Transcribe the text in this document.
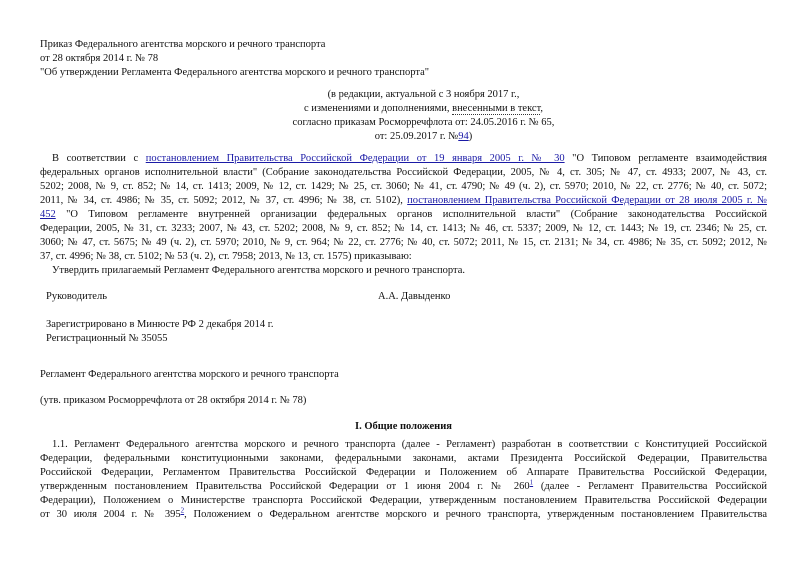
Приказ Федерального агентства морского и речного транспорта
от 28 октября 2014 г. № 78
"Об утверждении Регламента Федерального агентства морского и речного транспорта"
(в редакции, актуальной с 3 ноября 2017 г.,
с изменениями и дополнениями, внесенными в текст,
согласно приказам Росморречфлота от: 24.05.2016 г. № 65,
от: 25.09.2017 г. №94)
В соответствии с постановлением Правительства Российской Федерации от 19 января 2005 г. № 30 "О Типовом регламенте взаимодействия
федеральных органов исполнительной власти" (Собрание законодательства Российской Федерации, 2005, № 4, ст. 305; № 47, ст. 4933; 2007, № 43, ст.
5202; 2008, № 9, ст. 852; № 14, ст. 1413; 2009, № 12, ст. 1429; № 25, ст. 3060; № 41, ст. 4790; № 49 (ч. 2), ст. 5970; 2010, № 22, ст. 2776; № 40, ст. 5072;
2011, № 34, ст. 4986; № 35, ст. 5092; 2012, № 37, ст. 4996; № 38, ст. 5102), постановлением Правительства Российской Федерации от 28 июля 2005 г. №
452 "О Типовом регламенте внутренней организации федеральных органов исполнительной власти" (Собрание законодательства Российской
Федерации, 2005, № 31, ст. 3233; 2007, № 43, ст. 5202; 2008, № 9, ст. 852; № 14, ст. 1413; № 46, ст. 5337; 2009, № 12, ст. 1443; № 19, ст. 2346; № 25, ст.
3060; № 47, ст. 5675; № 49 (ч. 2), ст. 5970; 2010, № 9, ст. 964; № 22, ст. 2776; № 40, ст. 5072; 2011, № 15, ст. 2131; № 34, ст. 4986; № 35, ст. 5092; 2012, №
37, ст. 4996; № 38, ст. 5102; № 53 (ч. 2), ст. 7958; 2013, № 13, ст. 1575) приказываю:
Утвердить прилагаемый Регламент Федерального агентства морского и речного транспорта.
Руководитель	А.А. Давыденко
Зарегистрировано в Минюсте РФ 2 декабря 2014 г.
Регистрационный № 35055
Регламент Федерального агентства морского и речного транспорта
(утв. приказом Росморречфлота от 28 октября 2014 г. № 78)
I. Общие положения
1.1. Регламент Федерального агентства морского и речного транспорта (далее - Регламент) разработан в соответствии с Конституцией Российской
Федерации, федеральными конституционными законами, федеральными законами, актами Президента Российской Федерации, Правительства
Российской Федерации, Регламентом Правительства Российской Федерации и Положением об Аппарате Правительства Российской Федерации,
утвержденным постановлением Правительства Российской Федерации от 1 июня 2004 г. № $260^1$ (далее - Регламент Правительства Российской
Федерации), Положением о Министерстве транспорта Российской Федерации, утвержденным постановлением Правительства Российской Федерации
от 30 июля 2004 г. № $395^2$, Положением о Федеральном агентстве морского и речного транспорта, утвержденным постановлением Правительства
